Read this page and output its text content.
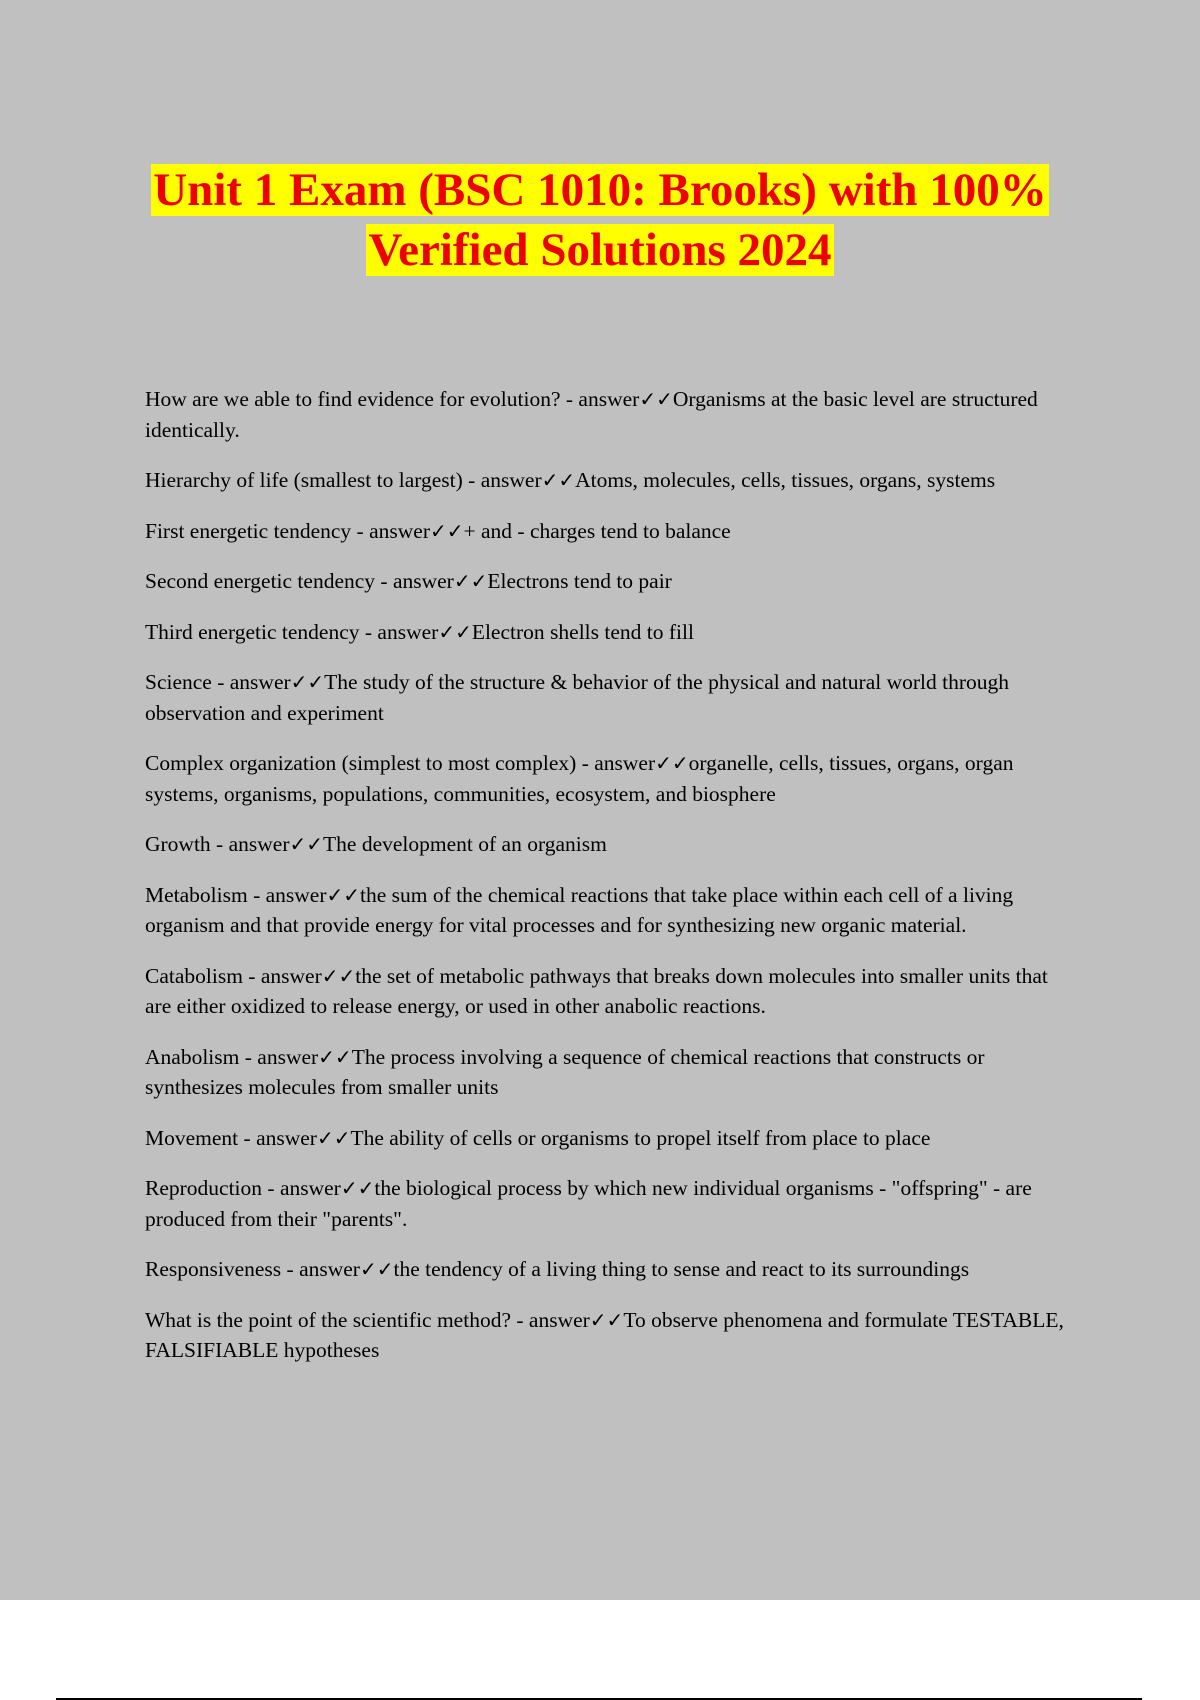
Unit 1 Exam (BSC 1010: Brooks) with 100%
Verified Solutions 2024
How are we able to find evidence for evolution? - answer✓✓Organisms at the basic level are structured identically.
Hierarchy of life (smallest to largest) - answer✓✓Atoms, molecules, cells, tissues, organs, systems
First energetic tendency - answer✓✓+ and - charges tend to balance
Second energetic tendency - answer✓✓Electrons tend to pair
Third energetic tendency - answer✓✓Electron shells tend to fill
Science - answer✓✓The study of the structure & behavior of the physical and natural world through observation and experiment
Complex organization (simplest to most complex) - answer✓✓organelle, cells, tissues, organs, organ systems, organisms, populations, communities, ecosystem, and biosphere
Growth - answer✓✓The development of an organism
Metabolism - answer✓✓the sum of the chemical reactions that take place within each cell of a living organism and that provide energy for vital processes and for synthesizing new organic material.
Catabolism - answer✓✓the set of metabolic pathways that breaks down molecules into smaller units that are either oxidized to release energy, or used in other anabolic reactions.
Anabolism - answer✓✓The process involving a sequence of chemical reactions that constructs or synthesizes molecules from smaller units
Movement - answer✓✓The ability of cells or organisms to propel itself from place to place
Reproduction - answer✓✓the biological process by which new individual organisms - "offspring" - are produced from their "parents".
Responsiveness - answer✓✓the tendency of a living thing to sense and react to its surroundings
What is the point of the scientific method? - answer✓✓To observe phenomena and formulate TESTABLE, FALSIFIABLE hypotheses
